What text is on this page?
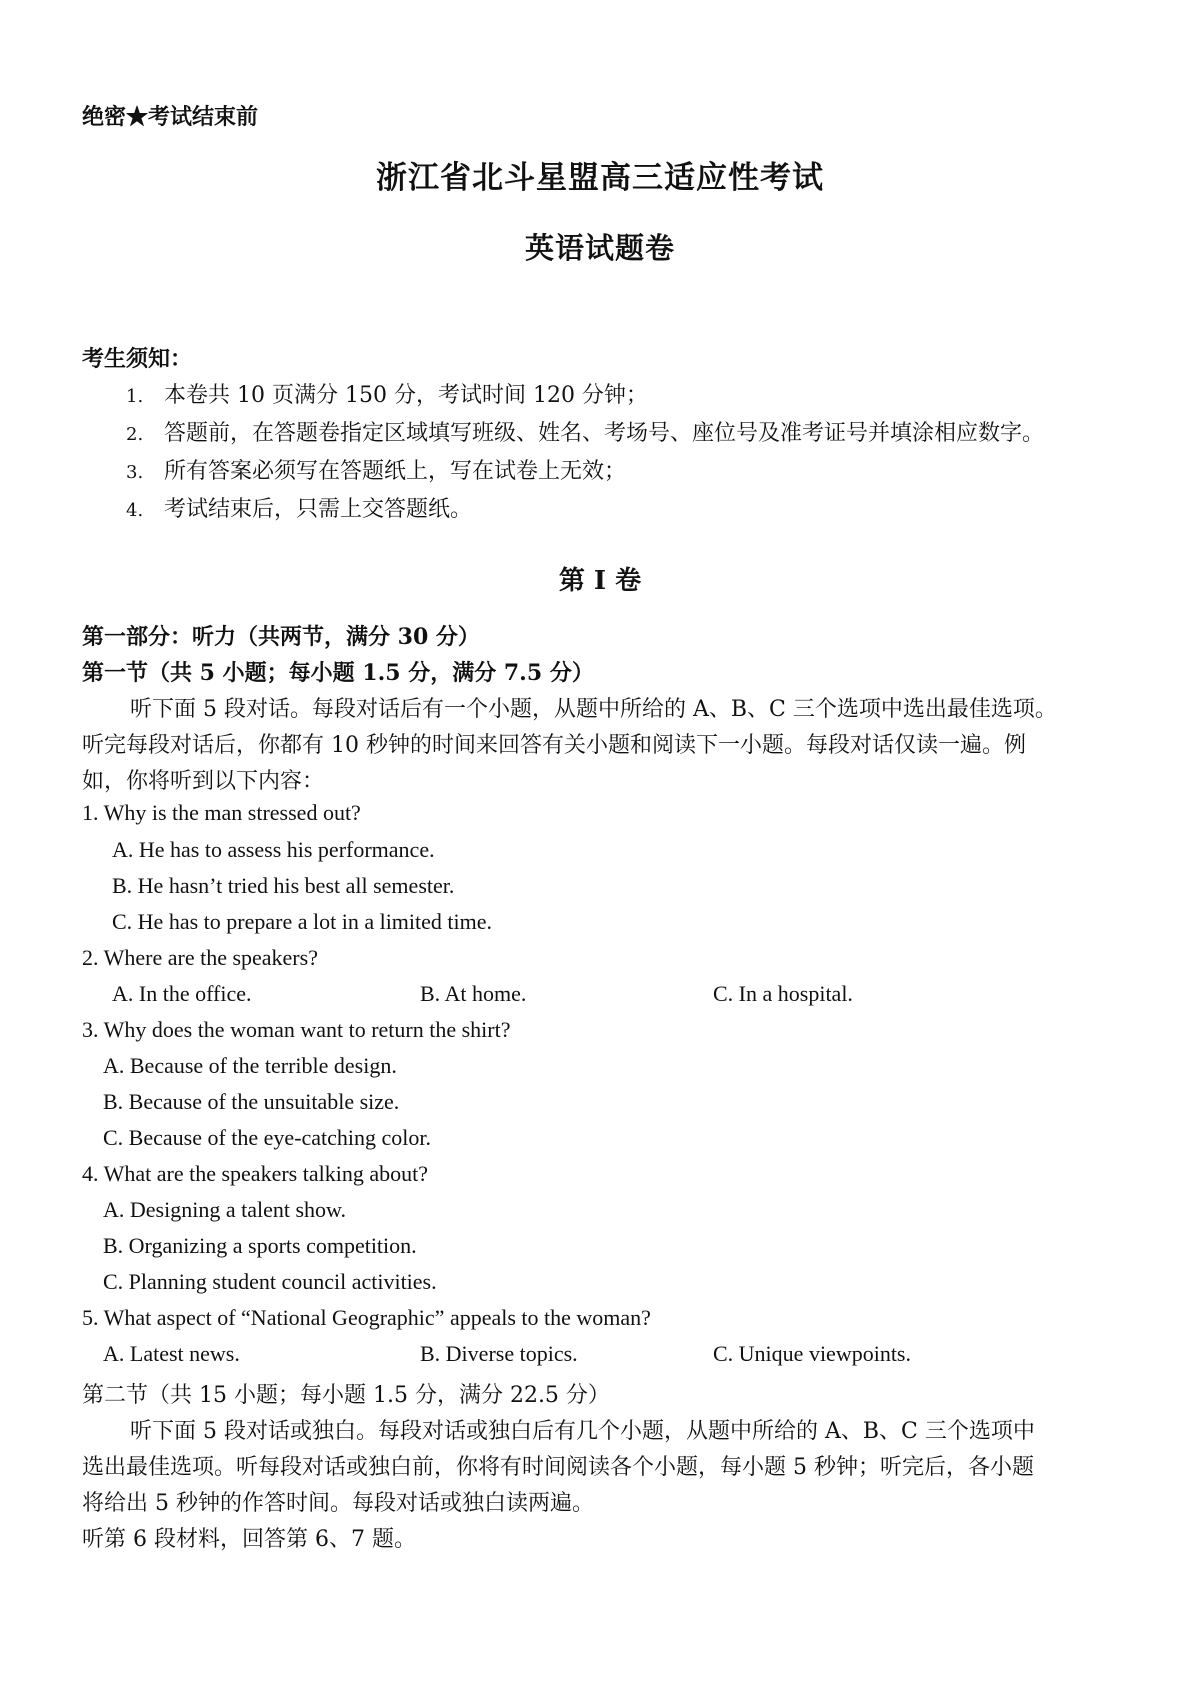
绝密★考试结束前
浙江省北斗星盟高三适应性考试
英语试题卷
考生须知：
1. 本卷共 10 页满分 150 分，考试时间 120 分钟；
2. 答题前，在答题卷指定区域填写班级、姓名、考场号、座位号及准考证号并填涂相应数字。
3. 所有答案必须写在答题纸上，写在试卷上无效；
4. 考试结束后，只需上交答题纸。
第 I 卷
第一部分：听力（共两节，满分 30 分）
第一节（共 5 小题；每小题 1.5 分，满分 7.5 分）
听下面 5 段对话。每段对话后有一个小题，从题中所给的 A、B、C 三个选项中选出最佳选项。
听完每段对话后，你都有 10 秒钟的时间来回答有关小题和阅读下一小题。每段对话仅读一遍。例
如，你将听到以下内容：
1. Why is the man stressed out?
A. He has to assess his performance.
B. He hasn’t tried his best all semester.
C. He has to prepare a lot in a limited time.
2. Where are the speakers?
A. In the office.	B. At home.	C. In a hospital.
3. Why does the woman want to return the shirt?
A. Because of the terrible design.
B. Because of the unsuitable size.
C. Because of the eye-catching color.
4. What are the speakers talking about?
A. Designing a talent show.
B. Organizing a sports competition.
C. Planning student council activities.
5. What aspect of “National Geographic” appeals to the woman?
A. Latest news.	B. Diverse topics.	C. Unique viewpoints.
第二节（共 15 小题；每小题 1.5 分，满分 22.5 分）
听下面 5 段对话或独白。每段对话或独白后有几个小题，从题中所给的 A、B、C 三个选项中
选出最佳选项。听每段对话或独白前，你将有时间阅读各个小题，每小题 5 秒钟；听完后，各小题
将给出 5 秒钟的作答时间。每段对话或独白读两遍。
听第 6 段材料，回答第 6、7 题。
